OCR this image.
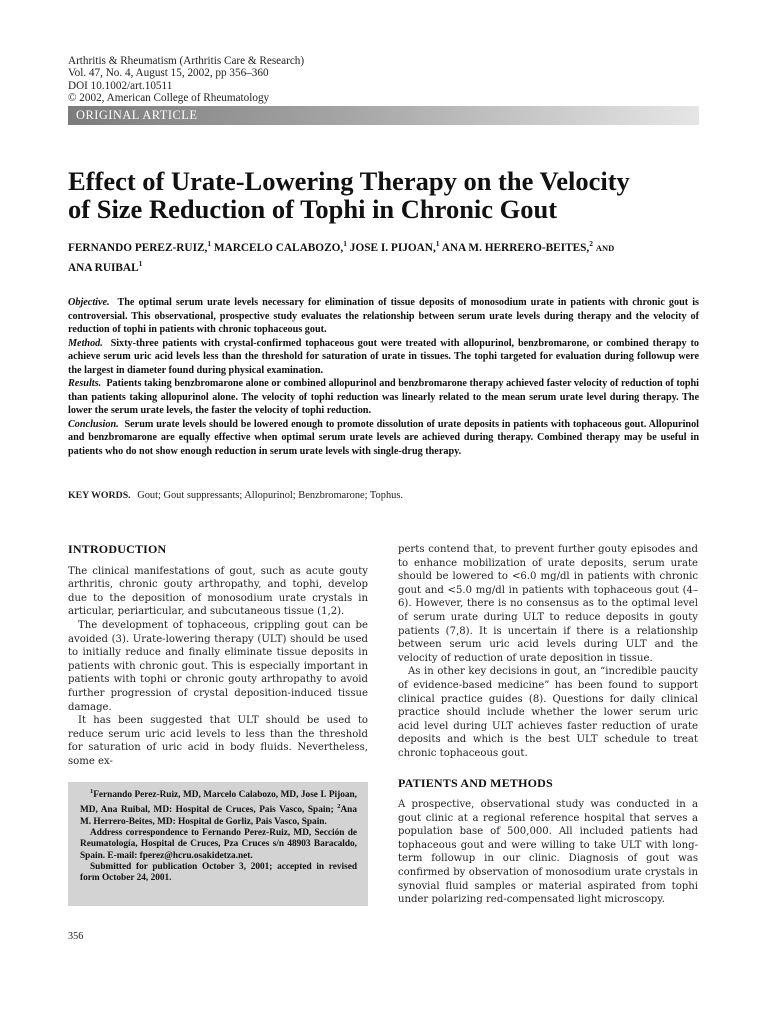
Arthritis & Rheumatism (Arthritis Care & Research)
Vol. 47, No. 4, August 15, 2002, pp 356–360
DOI 10.1002/art.10511
© 2002, American College of Rheumatology
ORIGINAL ARTICLE
Effect of Urate-Lowering Therapy on the Velocity
of Size Reduction of Tophi in Chronic Gout
FERNANDO PEREZ-RUIZ,$^1$ MARCELO CALABOZO,$^1$ JOSE I. PIJOAN,$^1$ ANA M. HERRERO-BEITES,$^2$ AND
ANA RUIBAL$^1$

Objective. The optimal serum urate levels necessary for elimination of tissue deposits of monosodium urate in patients with chronic gout is controversial. This observational, prospective study evaluates the relationship between serum urate levels during therapy and the velocity of reduction of tophi in patients with chronic tophaceous gout.

Method. Sixty-three patients with crystal-confirmed tophaceous gout were treated with allopurinol, benzbromarone, or combined therapy to achieve serum uric acid levels less than the threshold for saturation of urate in tissues. The tophi targeted for evaluation during followup were the largest in diameter found during physical examination.

Results. Patients taking benzbromarone alone or combined allopurinol and benzbromarone therapy achieved faster velocity of reduction of tophi than patients taking allopurinol alone. The velocity of tophi reduction was linearly related to the mean serum urate level during therapy. The lower the serum urate levels, the faster the velocity of tophi reduction.

Conclusion. Serum urate levels should be lowered enough to promote dissolution of urate deposits in patients with tophaceous gout. Allopurinol and benzbromarone are equally effective when optimal serum urate levels are achieved during therapy. Combined therapy may be useful in patients who do not show enough reduction in serum urate levels with single-drug therapy.

KEY WORDS. Gout; Gout suppressants; Allopurinol; Benzbromarone; Tophus.
INTRODUCTION

The clinical manifestations of gout, such as acute gouty arthritis, chronic gouty arthropathy, and tophi, develop due to the deposition of monosodium urate crystals in articular, periarticular, and subcutaneous tissue (1,2).

The development of tophaceous, crippling gout can be avoided (3). Urate-lowering therapy (ULT) should be used to initially reduce and finally eliminate tissue deposits in patients with chronic gout. This is especially important in patients with tophi or chronic gouty arthropathy to avoid further progression of crystal deposition-induced tissue damage.

It has been suggested that ULT should be used to reduce serum uric acid levels to less than the threshold for saturation of uric acid in body fluids. Nevertheless, some ex-

$^1$Fernando Perez-Ruiz, MD, Marcelo Calabozo, MD, Jose I. Pijoan, MD, Ana Ruibal, MD: Hospital de Cruces, Pais Vasco, Spain; $^2$Ana M. Herrero-Beites, MD: Hospital de Gorliz, Pais Vasco, Spain.

Address correspondence to Fernando Perez-Ruiz, MD, Sección de Reumatología, Hospital de Cruces, Pza Cruces s/n 48903 Baracaldo, Spain. E-mail: fperez@hcru.osakidetza.net.

Submitted for publication October 3, 2001; accepted in revised form October 24, 2001.

perts contend that, to prevent further gouty episodes and to enhance mobilization of urate deposits, serum urate should be lowered to <6.0 mg/dl in patients with chronic gout and <5.0 mg/dl in patients with tophaceous gout (4–6). However, there is no consensus as to the optimal level of serum urate during ULT to reduce deposits in gouty patients (7,8). It is uncertain if there is a relationship between serum uric acid levels during ULT and the velocity of reduction of urate deposition in tissue.

As in other key decisions in gout, an “incredible paucity of evidence-based medicine” has been found to support clinical practice guides (8). Questions for daily clinical practice should include whether the lower serum uric acid level during ULT achieves faster reduction of urate deposits and which is the best ULT schedule to treat chronic tophaceous gout.

PATIENTS AND METHODS

A prospective, observational study was conducted in a gout clinic at a regional reference hospital that serves a population base of 500,000. All included patients had tophaceous gout and were willing to take ULT with long-term followup in our clinic. Diagnosis of gout was confirmed by observation of monosodium urate crystals in synovial fluid samples or material aspirated from tophi under polarizing red-compensated light microscopy.

356
